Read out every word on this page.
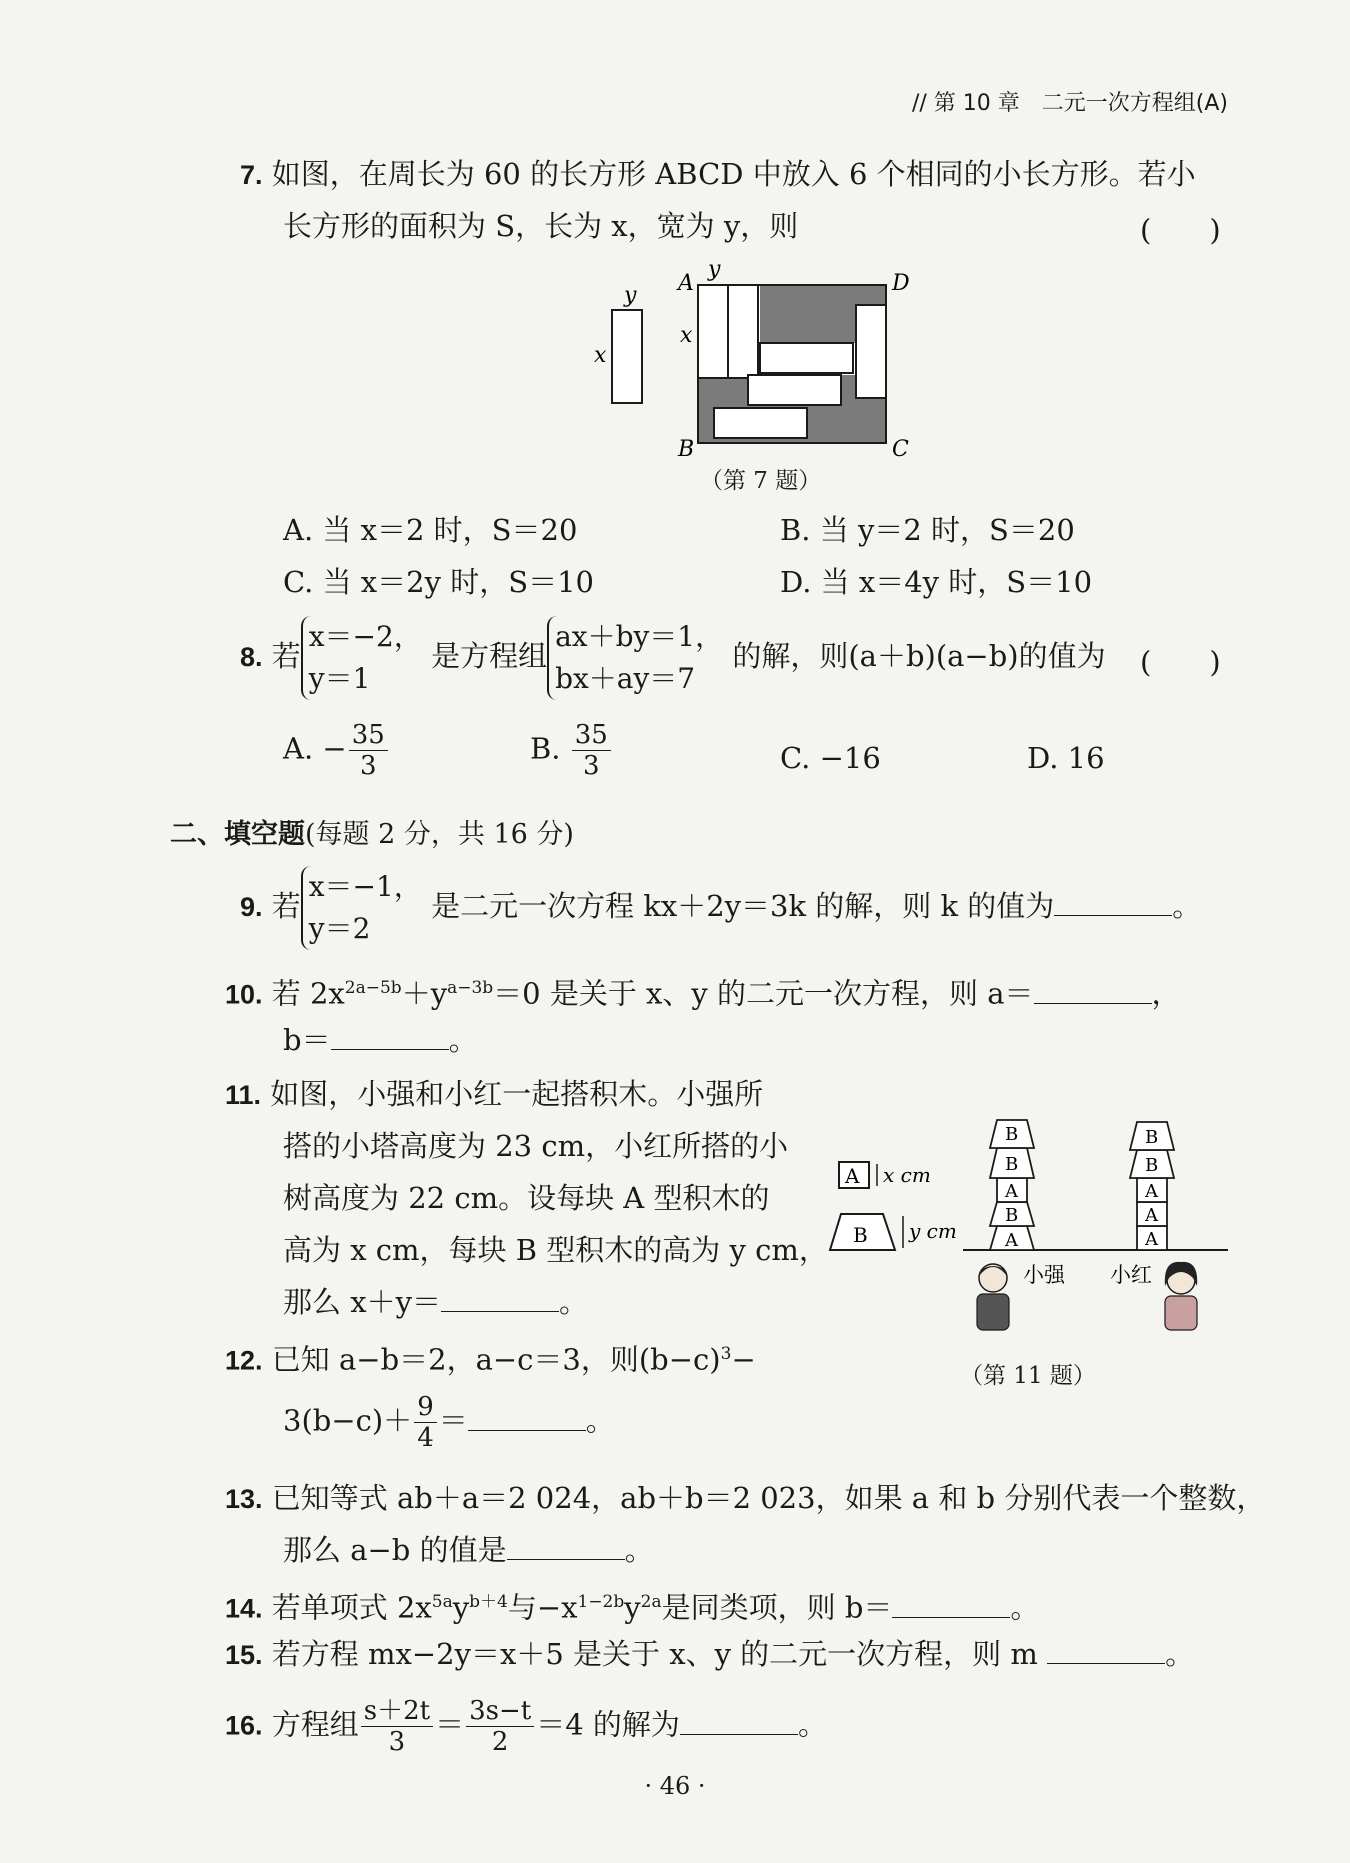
// 第 10 章　二元一次方程组(A)
7. 如图，在周长为 60 的长方形 ABCD 中放入 6 个相同的小长方形。若小
长方形的面积为 S，长为 x，宽为 y，则	(　　)
y
x
A
y
x
D
B	C
（第 7 题）
A. 当 x＝2 时，S＝20	B. 当 y＝2 时，S＝20
C. 当 x＝2y 时，S＝10	D. 当 x＝4y 时，S＝10
8. 若
x＝−2，
y＝1
是方程组
ax＋by＝1，
bx＋ay＝7
的解，则(a＋b)(a−b)的值为 (　　)
A. − $\frac{35}{3}$	B. $\frac{35}{3}$	C. −16	D. 16
二、填空题(每题 2 分，共 16 分)
9. 若
x＝−1，
y＝2
是二元一次方程 kx＋2y＝3k 的解，则 k 的值为	。
10. 若 $2x^{2a-5b}+y^{a-3b}=0$ 是关于 x、y 的二元一次方程，则 a＝	，
b＝	。
11. 如图，小强和小红一起搭积木。小强所
搭的小塔高度为 23 cm，小红所搭的小
树高度为 22 cm。设每块 A 型积木的
高为 x cm，每块 B 型积木的高为 y cm，
那么 x＋y＝	。
A x cm
B y cm	A
B
A
B
B
A
A
A
B
B
小强 小红
（第 11 题）
12. 已知 a−b＝2，a−c＝3，则$(b-c)^3-$
$3(b-c)+ \frac{9}{4}$ ＝	。
13. 已知等式 ab＋a＝2 024，ab＋b＝2 023，如果 a 和 b 分别代表一个整数，
那么 a−b 的值是	。
14. 若单项式 $2x^{5a}y^{b+4}$与$-x^{1-2b}y^{2a}$是同类项，则 b＝	。
15. 若方程 mx−2y＝x＋5 是关于 x、y 的二元一次方程，则 m	。
16. 方程组 $\frac{s+2t}{3} = \frac{3s-t}{2} =4$ 的解为	。
· 46 ·
